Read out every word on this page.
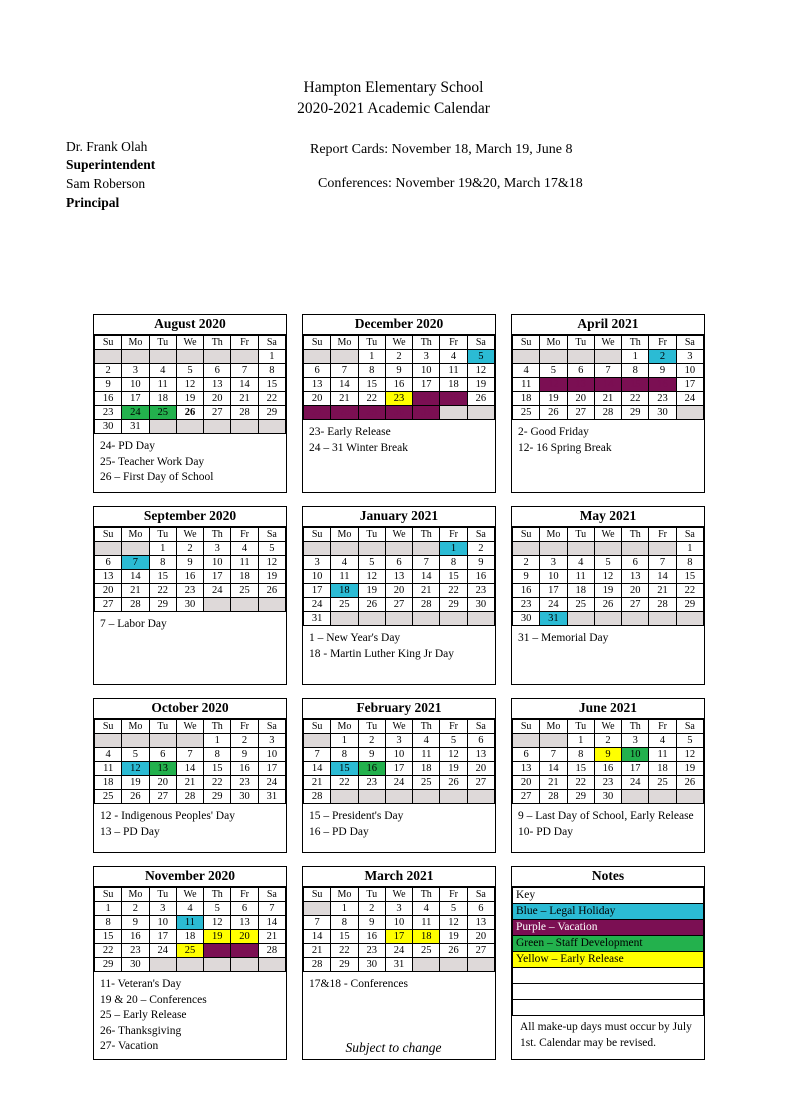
Hampton Elementary School
2020-2021 Academic Calendar
Dr. Frank Olah
Superintendent
Sam Roberson
Principal
Report Cards: November 18, March 19, June 8
Conferences: November 19&20, March 17&18
August 2020
Su	Mo	Tu	We	Th	Fr	Sa
						1
2	3	4	5	6	7	8
9	10	11	12	13	14	15
16	17	18	19	20	21	22
23	24	25	26	27	28	29
30	31					
24- PD Day
25- Teacher Work Day
26 – First Day of School
December 2020
Su	Mo	Tu	We	Th	Fr	Sa
		1	2	3	4	5
6	7	8	9	10	11	12
13	14	15	16	17	18	19
20	21	22	23	24	25	26
27	28	29	30	31		
23- Early Release
24 – 31 Winter Break
April 2021
Su	Mo	Tu	We	Th	Fr	Sa
				1	2	3
4	5	6	7	8	9	10
11	12	13	14	15	16	17
18	19	20	21	22	23	24
25	26	27	28	29	30	
2- Good Friday
12- 16 Spring Break
September 2020
Su	Mo	Tu	We	Th	Fr	Sa
		1	2	3	4	5
6	7	8	9	10	11	12
13	14	15	16	17	18	19
20	21	22	23	24	25	26
27	28	29	30			
7 – Labor Day
January 2021
Su	Mo	Tu	We	Th	Fr	Sa
					1	2
3	4	5	6	7	8	9
10	11	12	13	14	15	16
17	18	19	20	21	22	23
24	25	26	27	28	29	30
31						
1 – New Year's Day
18 - Martin Luther King Jr Day
May 2021
Su	Mo	Tu	We	Th	Fr	Sa
						1
2	3	4	5	6	7	8
9	10	11	12	13	14	15
16	17	18	19	20	21	22
23	24	25	26	27	28	29
30	31					
31 – Memorial Day
October 2020
Su	Mo	Tu	We	Th	Fr	Sa
				1	2	3
4	5	6	7	8	9	10
11	12	13	14	15	16	17
18	19	20	21	22	23	24
25	26	27	28	29	30	31
12 - Indigenous Peoples' Day
13 – PD Day
February 2021
Su	Mo	Tu	We	Th	Fr	Sa
	1	2	3	4	5	6
7	8	9	10	11	12	13
14	15	16	17	18	19	20
21	22	23	24	25	26	27
28						
15 – President's Day
16 – PD Day
June 2021
Su	Mo	Tu	We	Th	Fr	Sa
		1	2	3	4	5
6	7	8	9	10	11	12
13	14	15	16	17	18	19
20	21	22	23	24	25	26
27	28	29	30			
9 – Last Day of School, Early Release
10- PD Day
November 2020
Su	Mo	Tu	We	Th	Fr	Sa
1	2	3	4	5	6	7
8	9	10	11	12	13	14
15	16	17	18	19	20	21
22	23	24	25	26	27	28
29	30					
11- Veteran's Day
19 & 20 – Conferences
25 – Early Release
26- Thanksgiving
27- Vacation
March 2021
Su	Mo	Tu	We	Th	Fr	Sa
	1	2	3	4	5	6
7	8	9	10	11	12	13
14	15	16	17	18	19	20
21	22	23	24	25	26	27
28	29	30	31			
17&18 - Conferences
Notes
Key
Blue – Legal Holiday
Purple – Vacation
Green – Staff Development
Yellow – Early Release

All make-up days must occur by July 1st. Calendar may be revised.
Subject to change
